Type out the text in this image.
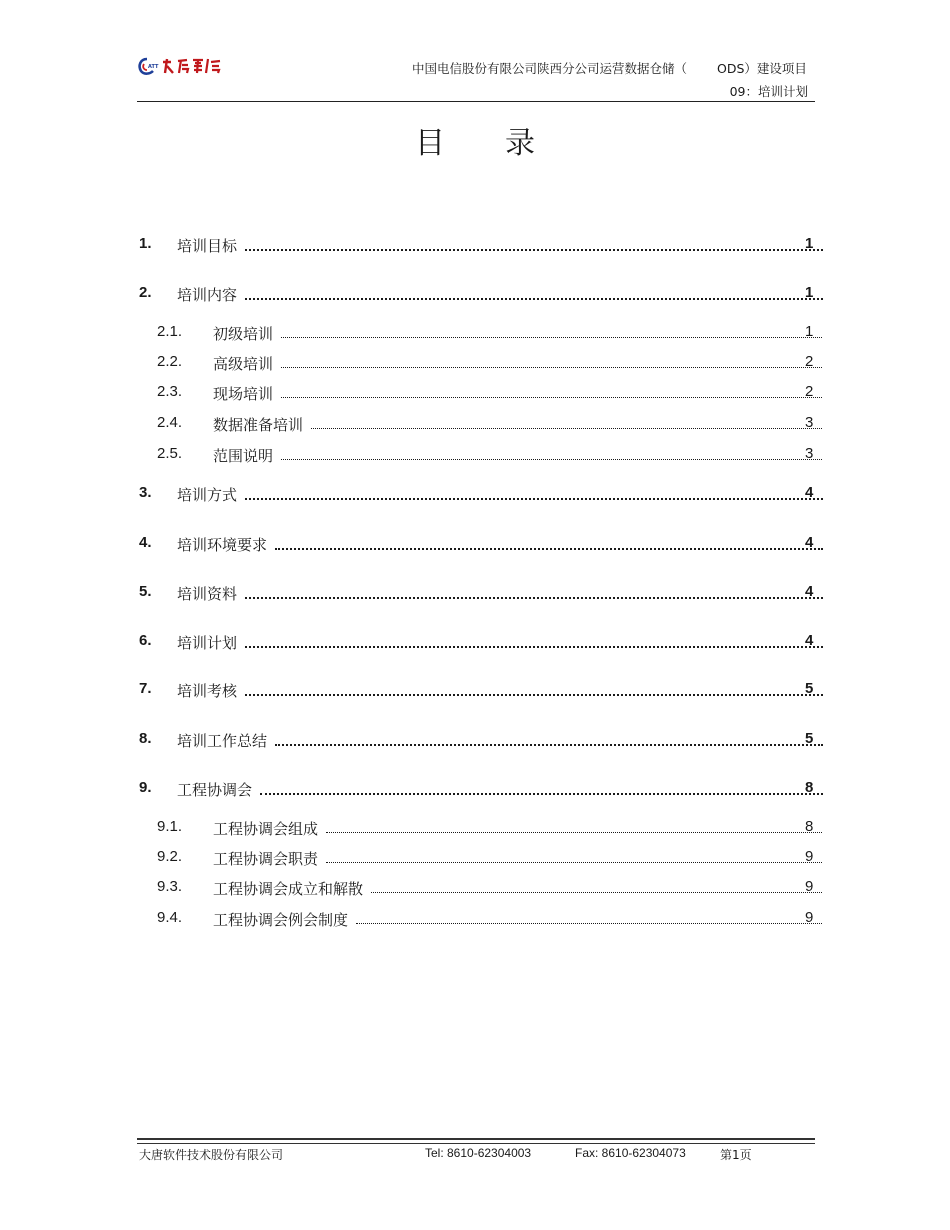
ATT	中国电信股份有限公司陕西分公司运营数据仓储（ ODS）建设项目
09：培训计划
目录
1. 培训目标	1
2. 培训内容	1
2.1. 初级培训	1
2.2. 高级培训	2
2.3. 现场培训	2
2.4. 数据准备培训	3
2.5. 范围说明	3
3. 培训方式	4
4. 培训环境要求	4
5. 培训资料	4
6. 培训计划	4
7. 培训考核	5
8. 培训工作总结	5
9. 工程协调会	8
9.1. 工程协调会组成	8
9.2. 工程协调会职责	9
9.3. 工程协调会成立和解散	9
9.4. 工程协调会例会制度	9
大唐软件技术股份有限公司	Tel: 8610-62304003	Fax: 8610-62304073	第1页
